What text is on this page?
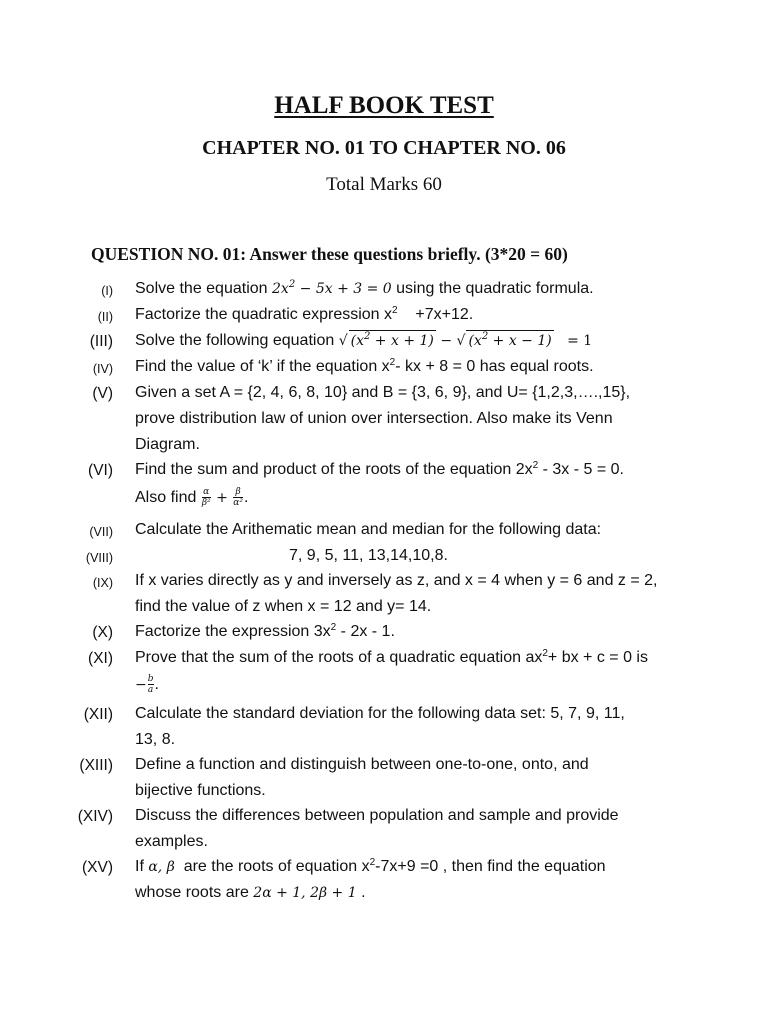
HALF BOOK TEST
CHAPTER NO. 01 TO CHAPTER NO. 06
Total Marks 60
QUESTION NO. 01: Answer these questions briefly. (3*20 = 60)
(I) Solve the equation $2x^2 - 5x + 3 = 0$ using the quadratic formula.
(II) Factorize the quadratic expression $x^2$    +7x+12.
(III) Solve the following equation √ $(x^2 + x + 1)$ − √ $(x^2 + x - 1) = 1$
(IV) Find the value of ‘k’ if the equation $x^2-$ kx + 8 = 0 has equal roots.
(V) Given a set A = {2, 4, 6, 8, 10} and B = {3, 6, 9}, and U= {1,2,3,….,15},
prove distribution law of union over intersection. Also make its Venn
Diagram.
(VI) Find the sum and product of the roots of the equation $2x^2 - 3x - 5 = 0$.
Also find $\frac{\alpha}{\text{β²}} + \frac{\beta}{\text{α²}}$ .
(VII) Calculate the Arithematic mean and median for the following data:
(VIII)	7, 9, 5, 11, 13,14,10,8.
(IX) If x varies directly as y and inversely as z, and x = 4 when y = 6 and z = 2,
find the value of z when x = 12 and y= 14.
(X) Factorize the expression $3x^2 - 2x - 1$.
(XI) Prove that the sum of the roots of a quadratic equation $ax^2+$ bx + c = 0 is
− $\frac{b}{a}$ .
(XII) Calculate the standard deviation for the following data set: 5, 7, 9, 11,
13, 8.
(XIII) Define a function and distinguish between one-to-one, onto, and
bijective functions.
(XIV) Discuss the differences between population and sample and provide
examples.
(XV) If α, β  are the roots of equation $x^2-7x+9 =0$ , then find the equation
whose roots are 2α + 1, 2β + 1 .
